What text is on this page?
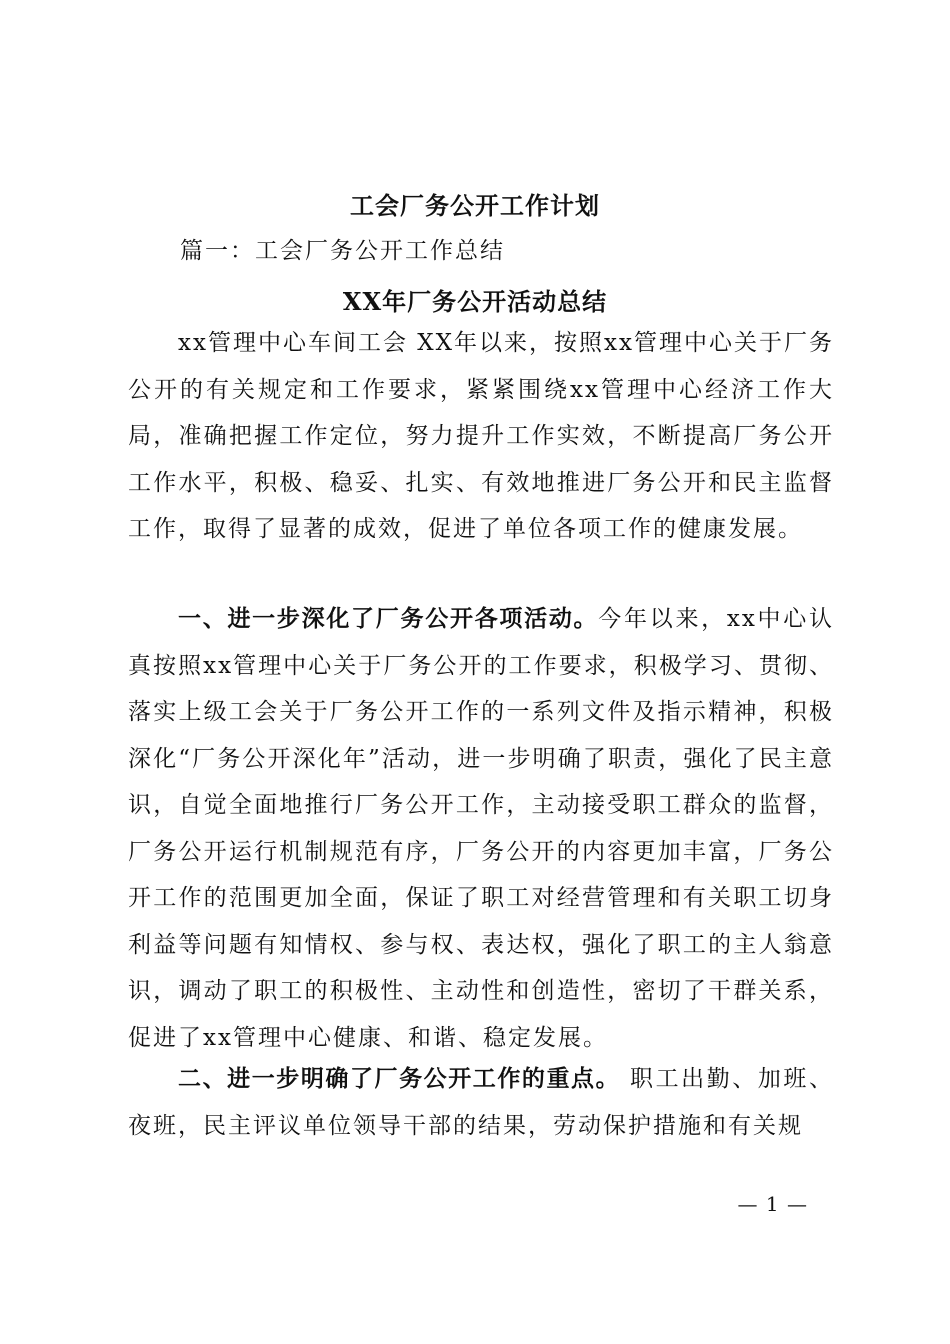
工会厂务公开工作计划
篇一：工会厂务公开工作总结
XX年厂务公开活动总结

xx管理中心车间工会 XX年以来，按照xx管理中心关于厂务公开的有关规定和工作要求，紧紧围绕xx管理中心经济工作大局，准确把握工作定位，努力提升工作实效，不断提高厂务公开工作水平，积极、稳妥、扎实、有效地推进厂务公开和民主监督工作，取得了显著的成效，促进了单位各项工作的健康发展。

一、进一步深化了厂务公开各项活动。今年以来，xx中心认真按照xx管理中心关于厂务公开的工作要求，积极学习、贯彻、落实上级工会关于厂务公开工作的一系列文件及指示精神，积极深化“厂务公开深化年”活动，进一步明确了职责，强化了民主意识，自觉全面地推行厂务公开工作，主动接受职工群众的监督，厂务公开运行机制规范有序，厂务公开的内容更加丰富，厂务公开工作的范围更加全面，保证了职工对经营管理和有关职工切身利益等问题有知情权、参与权、表达权，强化了职工的主人翁意识，调动了职工的积极性、主动性和创造性，密切了干群关系，促进了xx管理中心健康、和谐、稳定发展。

二、进一步明确了厂务公开工作的重点。 职工出勤、加班、夜班，民主评议单位领导干部的结果，劳动保护措施和有关规

— 1 —
